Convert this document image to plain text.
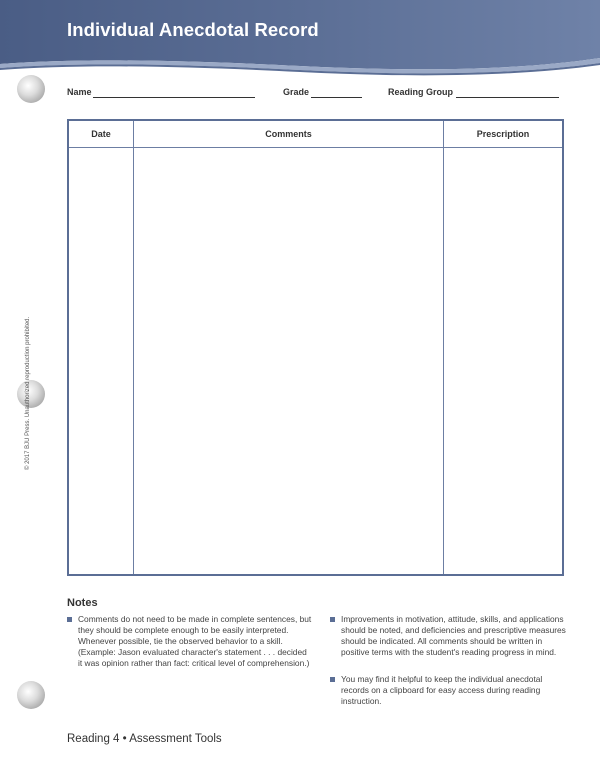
Individual Anecdotal Record
Name	Grade	Reading Group
Date	Comments	Prescription
© 2017 BJU Press. Unauthorized reproduction prohibited.
Notes
Comments do not need to be made in complete sentences, but they should be complete enough to be easily interpreted. Whenever possible, tie the observed behavior to a skill. (Example: Jason evaluated character's statement . . . decided it was opinion rather than fact: critical level of comprehension.)
Improvements in motivation, attitude, skills, and applications should be noted, and deficiencies and prescriptive measures should be indicated. All comments should be written in positive terms with the student's reading progress in mind.
You may find it helpful to keep the individual anecdotal records on a clipboard for easy access during reading instruction.
Reading 4 • Assessment Tools
